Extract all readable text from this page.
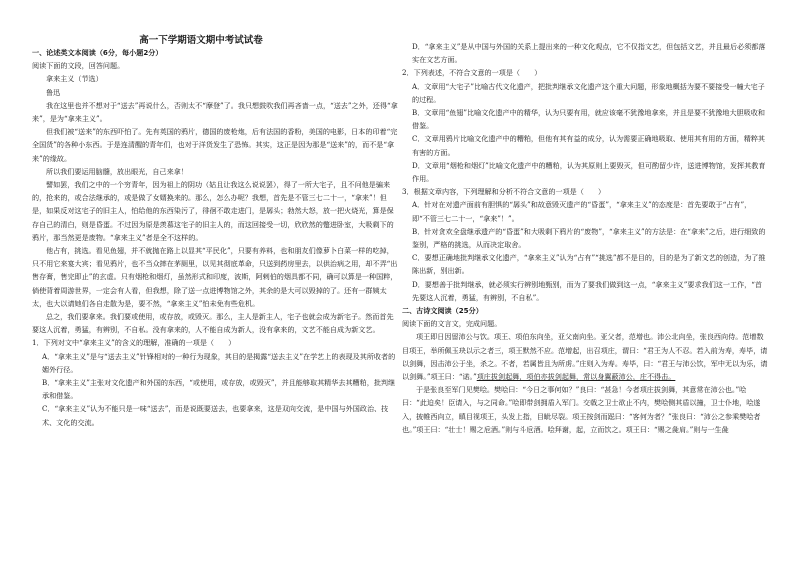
高一下学期语文期中考试试卷

一、论述类文本阅读（6分，每小题2分）

阅读下面的文段，回答问题。

拿来主义（节选）

鲁迅

我在这里也并不想对于“送去”再说什么，否则太不“摩登”了。我只想鼓吹我们再吝啬一点，“送去”之外，还得“拿来”，是为“拿来主义”。

但我们被“送来”的东西吓怕了。先有英国的鸦片，德国的废枪炮，后有法国的香粉，美国的电影，日本的印着“完全国货”的各种小东西。于是连清醒的青年们，也对于洋货发生了恐怖。其实，这正是因为那是“送来”的，而不是“拿来”的缘故。

所以我们要运用脑髓，放出眼光，自己来拿！

譬如罢，我们之中的一个穷青年，因为祖上的阴功（姑且让我这么说说罢），得了一所大宅子，且不问他是骗来的，抢来的，或合法继承的，或是做了女婿换来的。那么，怎么办呢？我想，首先是不管三七二十一，“拿来”！但是，如果反对这宅子的旧主人，怕给他的东西染污了，徘徊不敢走进门，是孱头；勃然大怒，放一把火烧光，算是保存自己的清白，则是昏蛋。不过因为原是羡慕这宅子的旧主人的，而这回接受一切，欣欣然的蹩进卧室，大吸剩下的鸦片，那当然更是废物。“拿来主义”者是全不这样的。

他占有，挑选。看见鱼翅，并不就抛在路上以显其“平民化”，只要有养料，也和朋友们像萝卜白菜一样的吃掉，只不用它来宴大宾；看见鸦片，也不当众摔在茅厕里，以见其彻底革命，只送到药房里去，以供治病之用，却不弄“出售存膏，售完即止”的玄虚。只有烟枪和烟灯，虽然形式和印度，波斯，阿剌伯的烟具都不同，确可以算是一种国粹，倘使背着周游世界，一定会有人看，但我想，除了送一点进博物馆之外，其余的是大可以毁掉的了。还有一群姨太太，也大以请她们各自走散为是，要不然，“拿来主义”怕未免有些危机。

总之，我们要拿来。我们要或使用，或存放，或毁灭。那么，主人是新主人，宅子也就会成为新宅子。然而首先要这人沉着，勇猛，有辨别，不自私。没有拿来的，人不能自成为新人，没有拿来的，文艺不能自成为新文艺。

1．下列对文中“拿来主义”的含义的理解，准确的一项是（　　）

A．“拿来主义”是与“送去主义”针锋相对的一种行为现象，其目的是揭露“送去主义”在学艺上的表现及其所收者的媚外行径。

B．“拿来主义”主张对文化遗产和外国的东西，“或使用，或存放，或毁灭”，并且能够取其精华去其糟粕，批判继承和借鉴。

C．“拿来主义”认为不能只是一味“送去”，而是说既要送去，也要拿来，这是双向交流，是中国与外国政治、技术、文化的交流。

D．“拿来主义”是从中国与外国的关系上提出来的一种文化观点，它不仅指文艺，但包括文艺，并且最后必须都落实在文艺方面。

2．下列表述，不符合文意的一项是（　　）

A．文章用“大宅子”比喻古代文化遗产，把批判继承文化遗产这个重大问题，形象地概括为要不要接受一幢大宅子的过程。

B．文章用“鱼翅”比喻文化遗产中的精华，认为只要有用，就应该毫不犹豫地拿来，并且是要不犹豫地大胆吸收和借鉴。

C．文章用鸦片比喻文化遗产中的糟粕，但他有其有益的成分，认为需要正确地吸取、使用其有用的方面，精粹其有害的方面。

D．文章用“烟枪和烟灯”比喻文化遗产中的糟粕，认为其原则上要毁灭，但可酌留少许，送进博物馆，发挥其教育作用。

3．根据文章内容，下列理解和分析不符合文意的一项是（　　）

A．针对在对遗产面前有胆惧的“孱头”和故意毁灭遗产的“昏蛋”，“拿来主义”的态度是：首先要敢于“占有”，即“不管三七二十一，“拿来”！”。

B．针对贪欢全盘继承遗产的“昏蛋”和大吸剩下鸦片的“废物”，“拿来主义”的方法是：在“拿来”之后，进行细致的鉴别，严格的挑选，从而决定取舍。

C．要想正确地批判继承文化遗产，“拿来主义”认为“占有”“挑选”都不是目的，目的是为了新文艺的创造，为了推陈出新，别出新。

D．要想善于批判继承，就必须实行辨别地甄别，而为了要我们做到这一点，“拿来主义”要求我们这一工作，“首先要这人沉着，勇猛，有辨别，不自私”。

二、古诗文阅读（25分）

阅读下面的文言文，完成问题。

项王即日因留沛公与饮。项王、项伯东向坐，亚父南向坐。亚父者，范增也。沛公北向坐，张良西向侍。范增数目项王，举所佩玉玦以示之者三，项王默然不应。范增起，出召项庄，谓曰：“君王为人不忍。若入前为寿，寿毕，请以剑舞，因击沛公于坐，杀之。不者，若属皆且为所虏。”庄则入为寿。寿毕，曰：“君王与沛公饮，军中无以为乐，请以剑舞。”项王曰：“诺。”项庄拔剑起舞，项伯亦拔剑起舞，常以身翼蔽沛公，庄不得击。

于是张良至军门见樊哙。樊哙曰：“今日之事何如？”良曰：“甚急！今者项庄拔剑舞，其意常在沛公也。”哙曰：“此迫矣！臣请入，与之同命。”哙即带剑拥盾入军门。交戟之卫士欲止不内，樊哙侧其盾以撞，卫士仆地，哙遂入，披帷西向立，瞋目视项王，头发上指，目眦尽裂。项王按剑而跽曰：“客何为者？”张良曰：“沛公之参乘樊哙者也。”项王曰：“壮士！赐之卮酒。”则与斗卮酒。哙拜谢，起，立而饮之。项王曰：“赐之彘肩。”则与一生彘
